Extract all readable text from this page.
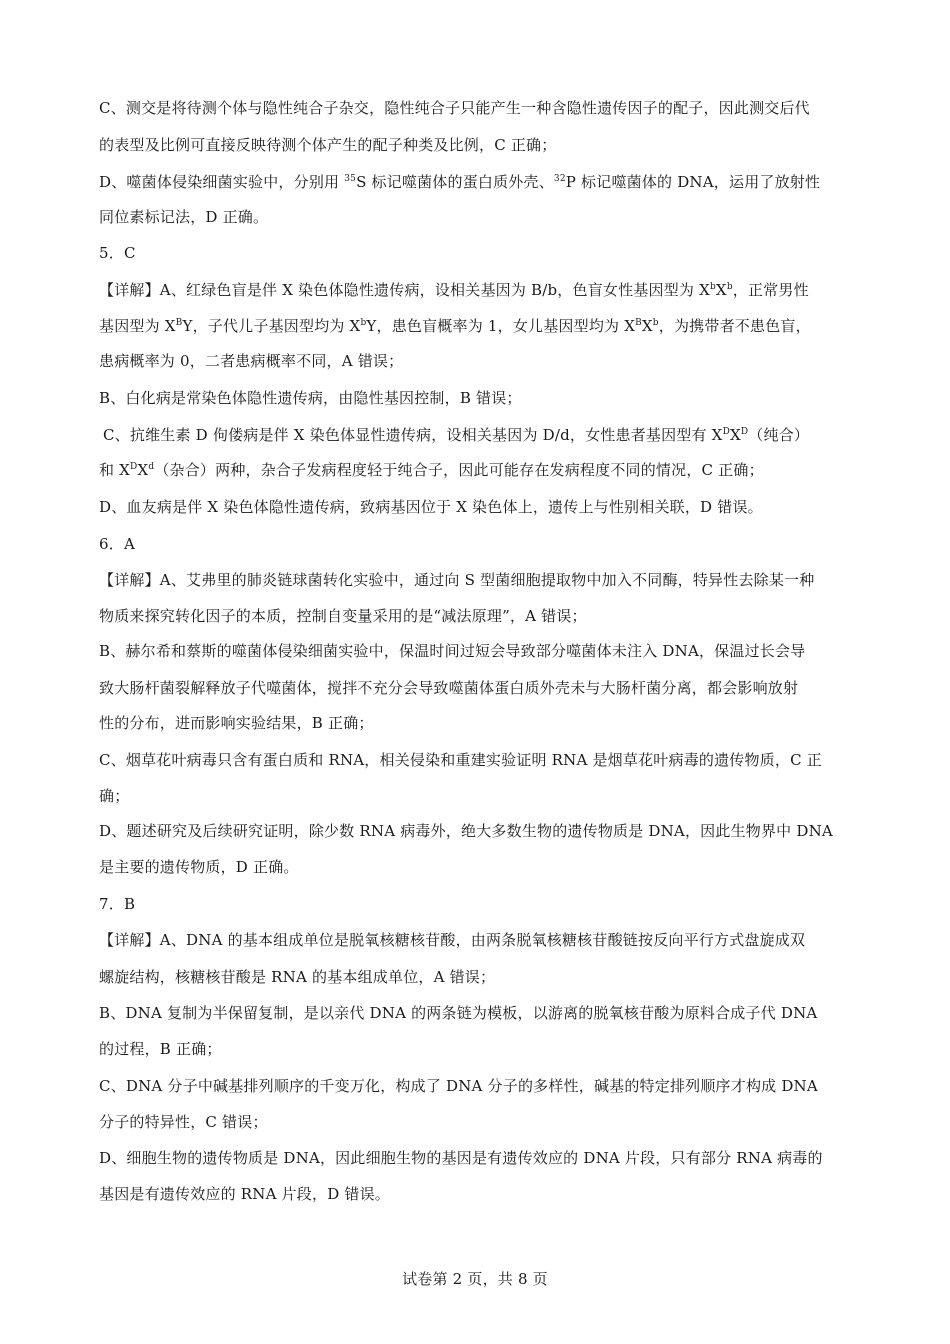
C、测交是将待测个体与隐性纯合子杂交，隐性纯合子只能产生一种含隐性遗传因子的配子，因此测交后代
的表型及比例可直接反映待测个体产生的配子种类及比例，C 正确；
D、噬菌体侵染细菌实验中，分别用 $^{35}$S 标记噬菌体的蛋白质外壳、$^{32}$P 标记噬菌体的 DNA，运用了放射性
同位素标记法，D 正确。
5．C
【详解】A、红绿色盲是伴 X 染色体隐性遗传病，设相关基因为 B/b，色盲女性基因型为 $X^bX^b$，正常男性
基因型为 $X^BY$，子代儿子基因型均为 $X^bY$，患色盲概率为 1，女儿基因型均为 $X^BX^b$，为携带者不患色盲，
患病概率为 0，二者患病概率不同，A 错误；
B、白化病是常染色体隐性遗传病，由隐性基因控制，B 错误；
C、抗维生素 D 佝偻病是伴 X 染色体显性遗传病，设相关基因为 D/d，女性患者基因型有 $X^DX^D$（纯合）
和 $X^DX^d$（杂合）两种，杂合子发病程度轻于纯合子，因此可能存在发病程度不同的情况，C 正确；
D、血友病是伴 X 染色体隐性遗传病，致病基因位于 X 染色体上，遗传上与性别相关联，D 错误。
6．A
【详解】A、艾弗里的肺炎链球菌转化实验中，通过向 S 型菌细胞提取物中加入不同酶，特异性去除某一种
物质来探究转化因子的本质，控制自变量采用的是“减法原理”，A 错误；
B、赫尔希和蔡斯的噬菌体侵染细菌实验中，保温时间过短会导致部分噬菌体未注入 DNA，保温过长会导
致大肠杆菌裂解释放子代噬菌体，搅拌不充分会导致噬菌体蛋白质外壳未与大肠杆菌分离，都会影响放射
性的分布，进而影响实验结果，B 正确；
C、烟草花叶病毒只含有蛋白质和 RNA，相关侵染和重建实验证明 RNA 是烟草花叶病毒的遗传物质，C 正
确；
D、题述研究及后续研究证明，除少数 RNA 病毒外，绝大多数生物的遗传物质是 DNA，因此生物界中 DNA
是主要的遗传物质，D 正确。
7．B
【详解】A、DNA 的基本组成单位是脱氧核糖核苷酸，由两条脱氧核糖核苷酸链按反向平行方式盘旋成双
螺旋结构，核糖核苷酸是 RNA 的基本组成单位，A 错误；
B、DNA 复制为半保留复制，是以亲代 DNA 的两条链为模板，以游离的脱氧核苷酸为原料合成子代 DNA
的过程，B 正确；
C、DNA 分子中碱基排列顺序的千变万化，构成了 DNA 分子的多样性，碱基的特定排列顺序才构成 DNA
分子的特异性，C 错误；
D、细胞生物的遗传物质是 DNA，因此细胞生物的基因是有遗传效应的 DNA 片段，只有部分 RNA 病毒的
基因是有遗传效应的 RNA 片段，D 错误。
试卷第 2 页，共 8 页
